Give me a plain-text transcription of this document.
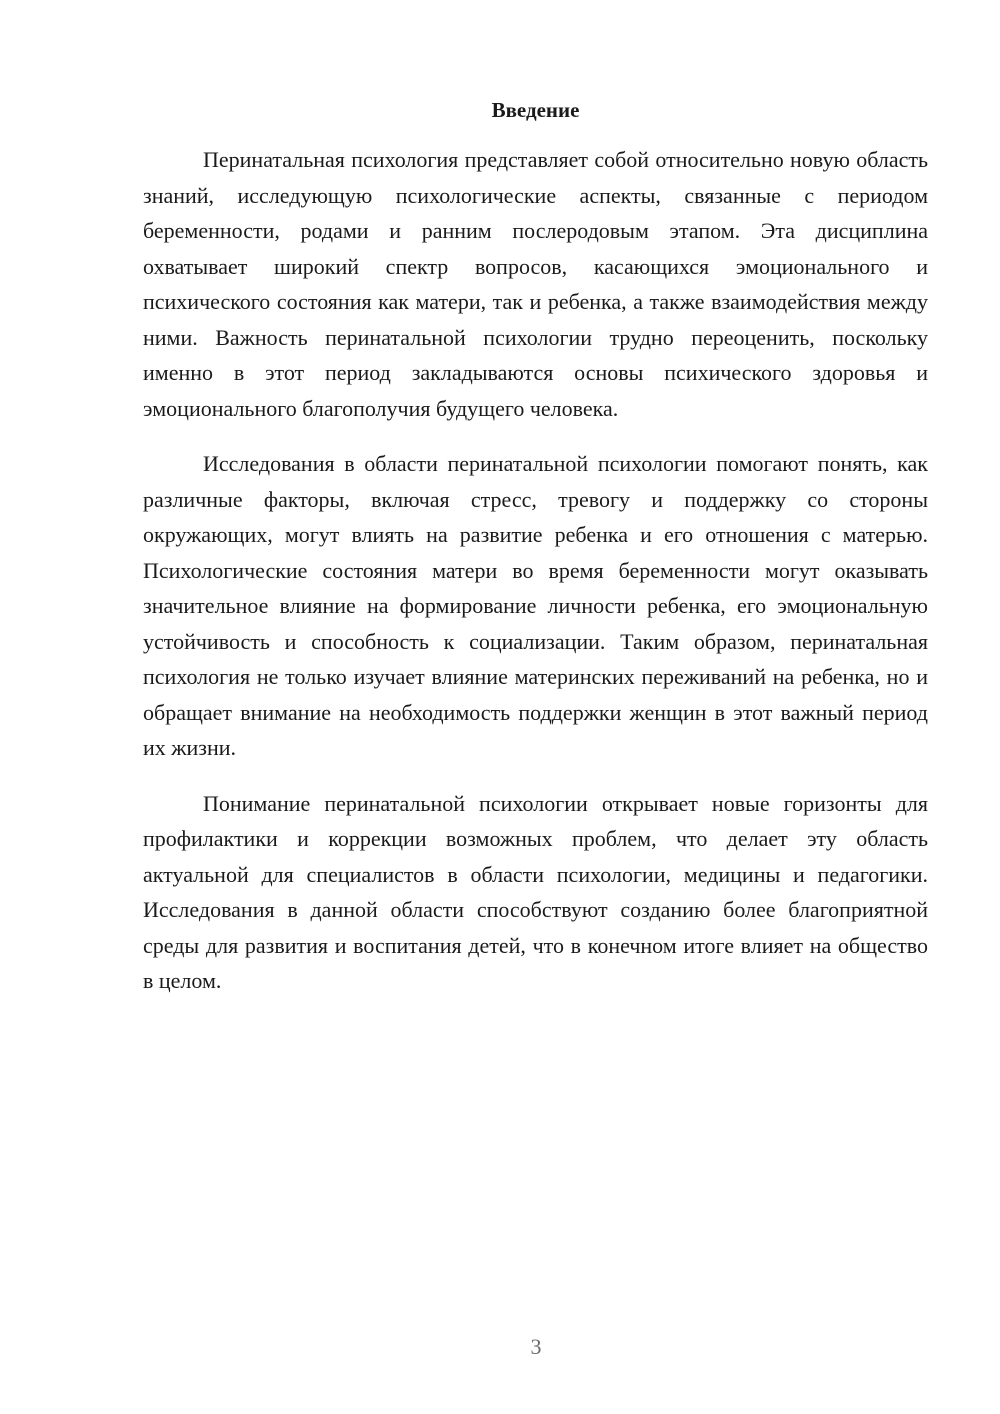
Введение

Перинатальная психология представляет собой относительно новую область знаний, исследующую психологические аспекты, связанные с периодом беременности, родами и ранним послеродовым этапом. Эта дисциплина охватывает широкий спектр вопросов, касающихся эмоционального и психического состояния как матери, так и ребенка, а также взаимодействия между ними. Важность перинатальной психологии трудно переоценить, поскольку именно в этот период закладываются основы психического здоровья и эмоционального благополучия будущего человека.

Исследования в области перинатальной психологии помогают понять, как различные факторы, включая стресс, тревогу и поддержку со стороны окружающих, могут влиять на развитие ребенка и его отношения с матерью. Психологические состояния матери во время беременности могут оказывать значительное влияние на формирование личности ребенка, его эмоциональную устойчивость и способность к социализации. Таким образом, перинатальная психология не только изучает влияние материнских переживаний на ребенка, но и обращает внимание на необходимость поддержки женщин в этот важный период их жизни.

Понимание перинатальной психологии открывает новые горизонты для профилактики и коррекции возможных проблем, что делает эту область актуальной для специалистов в области психологии, медицины и педагогики. Исследования в данной области способствуют созданию более благоприятной среды для развития и воспитания детей, что в конечном итоге влияет на общество в целом.

3
